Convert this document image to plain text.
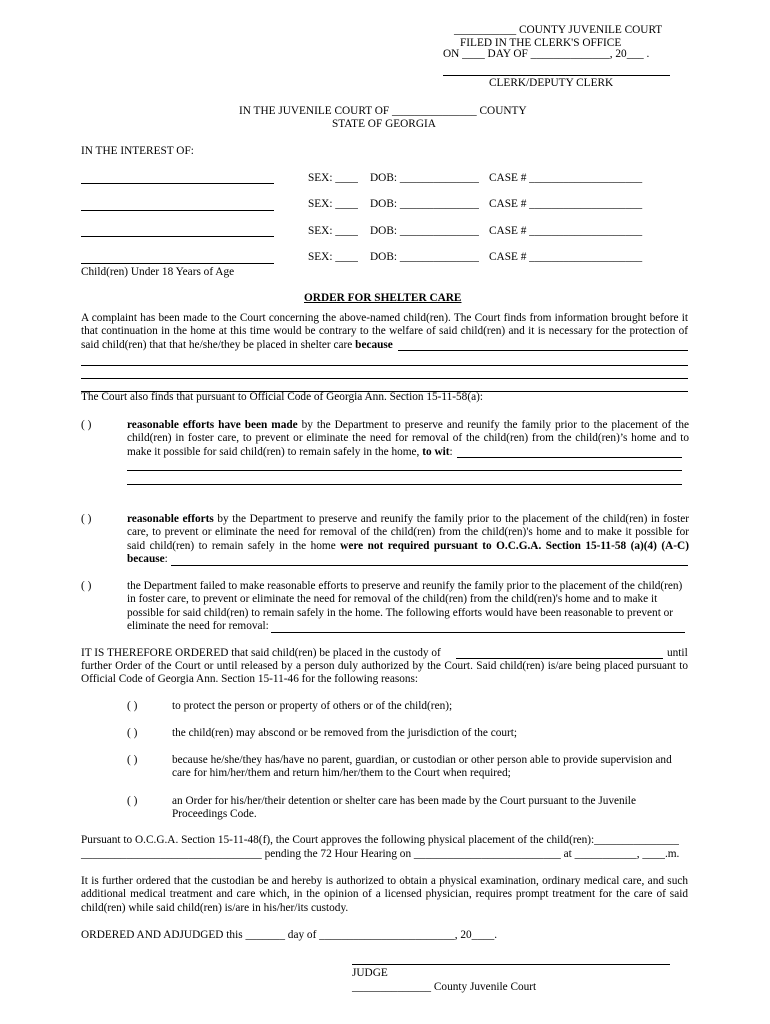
___________ COUNTY JUVENILE COURT
FILED IN THE CLERK'S OFFICE
ON ____ DAY OF ______________, 20___ .
CLERK/DEPUTY CLERK
IN THE JUVENILE COURT OF _______________ COUNTY
STATE OF GEORGIA
IN THE INTEREST OF:
SEX: ____ DOB: ______________ CASE # ____________________
SEX: ____ DOB: ______________ CASE # ____________________
SEX: ____ DOB: ______________ CASE # ____________________
SEX: ____ DOB: ______________ CASE # ____________________
Child(ren) Under 18 Years of Age
ORDER FOR SHELTER CARE
A complaint has been made to the Court concerning the above-named child(ren). The Court finds from information brought before it that continuation in the home at this time would be contrary to the welfare of said child(ren) and it is necessary for the protection of said child(ren) that that he/she/they be placed in shelter care because
The Court also finds that pursuant to Official Code of Georgia Ann. Section 15-11-58(a):
( )	reasonable efforts have been made by the Department to preserve and reunify the family prior to the placement of the child(ren) in foster care, to prevent or eliminate the need for removal of the child(ren) from the child(ren)’s home and to make it possible for said child(ren) to remain safely in the home, to wit:
( )	reasonable efforts by the Department to preserve and reunify the family prior to the placement of the child(ren) in foster care, to prevent or eliminate the need for removal of the child(ren) from the child(ren)'s home and to make it possible for said child(ren) to remain safely in the home were not required pursuant to O.C.G.A. Section 15-11-58 (a)(4) (A-C) because:
( )	the Department failed to make reasonable efforts to preserve and reunify the family prior to the placement of the child(ren) in foster care, to prevent or eliminate the need for removal of the child(ren) from the child(ren)'s home and to make it possible for said child(ren) to remain safely in the home. The following efforts would have been reasonable to prevent or eliminate the need for removal:
IT IS THEREFORE ORDERED that said child(ren) be placed in the custody of	until
further Order of the Court or until released by a person duly authorized by the Court. Said child(ren) is/are being placed pursuant to Official Code of Georgia Ann. Section 15-11-46 for the following reasons:
( )	to protect the person or property of others or of the child(ren);
( )	the child(ren) may abscond or be removed from the jurisdiction of the court;
( )	because he/she/they has/have no parent, guardian, or custodian or other person able to provide supervision and care for him/her/them and return him/her/them to the Court when required;
( )	an Order for his/her/their detention or shelter care has been made by the Court pursuant to the Juvenile Proceedings Code.
Pursuant to O.C.G.A. Section 15-11-48(f), the Court approves the following physical placement of the child(ren):_______________
________________________________ pending the 72 Hour Hearing on __________________________ at ___________, ____.m.
It is further ordered that the custodian be and hereby is authorized to obtain a physical examination, ordinary medical care, and such additional medical treatment and care which, in the opinion of a licensed physician, requires prompt treatment for the care of said child(ren) while said child(ren) is/are in his/her/its custody.
ORDERED AND ADJUDGED this _______ day of ________________________, 20____.
JUDGE
______________ County Juvenile Court
